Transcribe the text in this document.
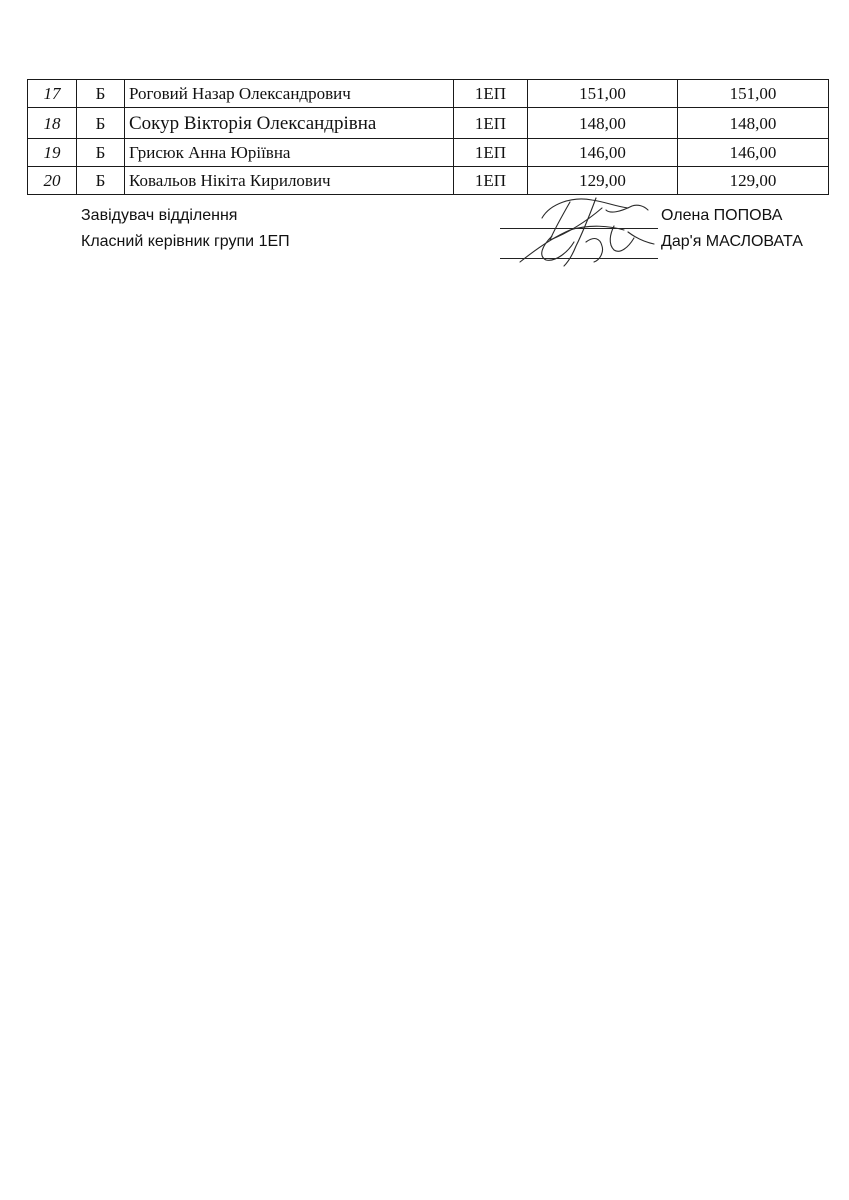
17	Б	Роговий Назар Олександрович	1ЕП	151,00	151,00
18	Б	Сокур Вікторія Олександрівна	1ЕП	148,00	148,00
19	Б	Грисюк Анна Юріївна	1ЕП	146,00	146,00
20	Б	Ковальов Нікіта Кирилович	1ЕП	129,00	129,00
Завідувач відділення	Олена ПОПОВА
Класний керівник групи 1ЕП	Дар'я МАСЛОВАТА
